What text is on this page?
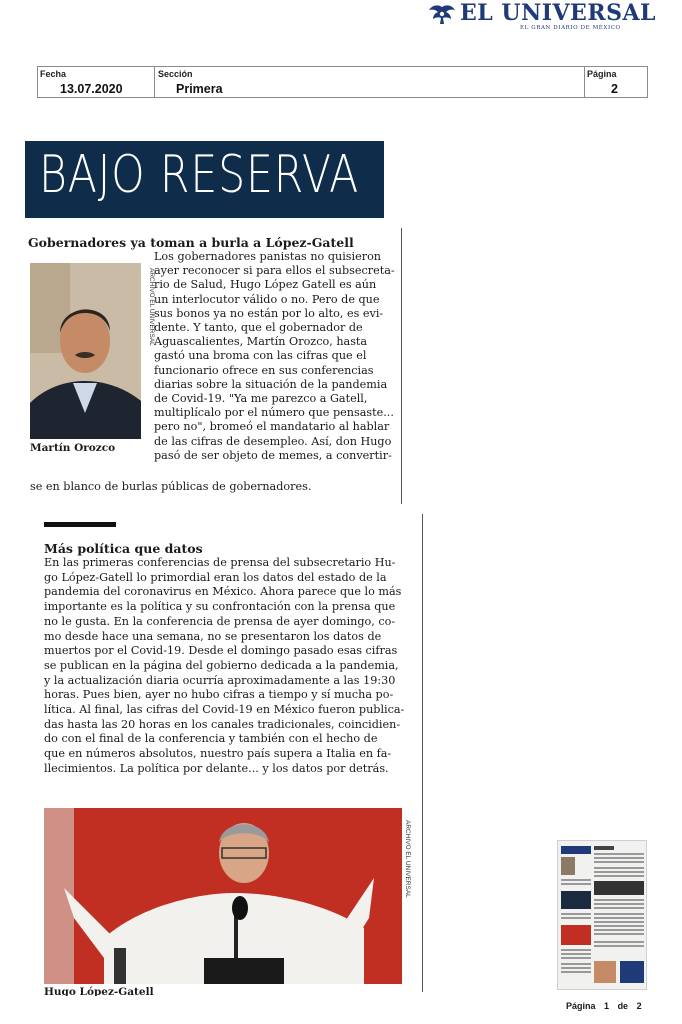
EL UNIVERSAL
EL GRAN DIARIO DE MÉXICO
Fecha
13.07.2020
Sección
Primera
Página
2
BAJO RESERVA
Gobernadores ya toman a burla a López-Gatell
ARCHIVO EL UNIVERSAL
Martín Orozco
Los gobernadores panistas no quisieron
ayer reconocer si para ellos el subsecreta-
rio de Salud, Hugo López Gatell es aún
un interlocutor válido o no. Pero de que
sus bonos ya no están por lo alto, es evi-
dente. Y tanto, que el gobernador de
Aguascalientes, Martín Orozco, hasta
gastó una broma con las cifras que el
funcionario ofrece en sus conferencias
diarias sobre la situación de la pandemia
de Covid-19. "Ya me parezco a Gatell,
multiplícalo por el número que pensaste...
pero no", bromeó el mandatario al hablar
de las cifras de desempleo. Así, don Hugo
pasó de ser objeto de memes, a convertir-
se en blanco de burlas públicas de gobernadores.
Más política que datos
En las primeras conferencias de prensa del subsecretario Hu-
go López-Gatell lo primordial eran los datos del estado de la
pandemia del coronavirus en México. Ahora parece que lo más
importante es la política y su confrontación con la prensa que
no le gusta. En la conferencia de prensa de ayer domingo, co-
mo desde hace una semana, no se presentaron los datos de
muertos por el Covid-19. Desde el domingo pasado esas cifras
se publican en la página del gobierno dedicada a la pandemia,
y la actualización diaria ocurría aproximadamente a las 19:30
horas. Pues bien, ayer no hubo cifras a tiempo y sí mucha po-
lítica. Al final, las cifras del Covid-19 en México fueron publica-
das hasta las 20 horas en los canales tradicionales, coincidien-
do con el final de la conferencia y también con el hecho de
que en números absolutos, nuestro país supera a Italia en fa-
llecimientos. La política por delante... y los datos por detrás.
ARCHIVO EL UNIVERSAL
Hugo López-Gatell
Página 1 de 2
